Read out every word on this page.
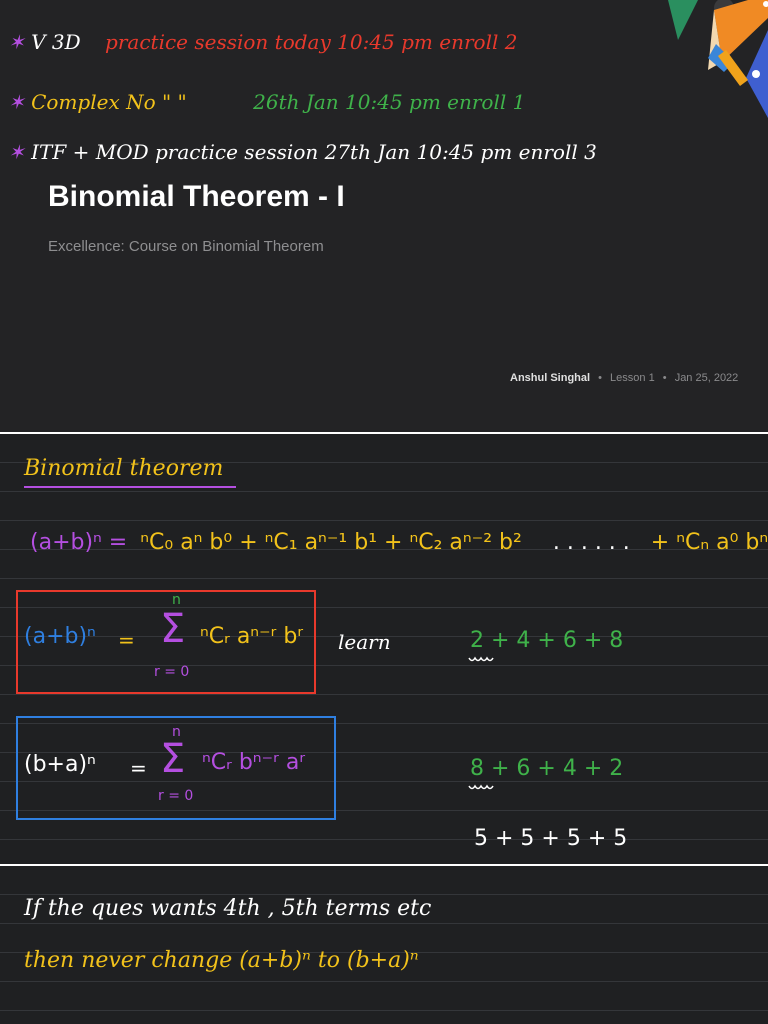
✶ V 3D practice session today 10:45 pm enroll 2
✶ Complex No " "	26th Jan 10:45 pm enroll 1
✶ ITF + MOD practice session 27th Jan 10:45 pm enroll 3
Binomial Theorem - I
Excellence: Course on Binomial Theorem
Anshul Singhal • Lesson 1 • Jan 25, 2022
Binomial theorem
(a+b)ⁿ = ⁿC₀ aⁿ b⁰ + ⁿC₁ aⁿ⁻¹ b¹ + ⁿC₂ aⁿ⁻² b² . . . . . . + ⁿCₙ a⁰ bⁿ
(a+b)ⁿ =
n
Σ
r = 0
ⁿCᵣ aⁿ⁻ʳ bʳ learn	2 + 4 + 6 + 8
(b+a)ⁿ =
n
Σ
r = 0
ⁿCᵣ bⁿ⁻ʳ aʳ	8 + 6 + 4 + 2
5 + 5 + 5 + 5
If the ques wants 4th , 5th terms etc
then never change (a+b)ⁿ to (b+a)ⁿ
